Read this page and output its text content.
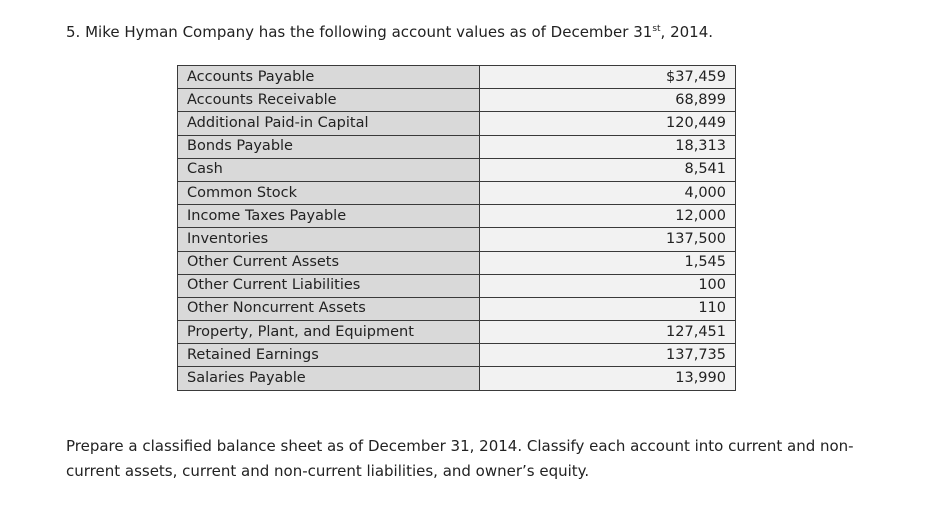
5. Mike Hyman Company has the following account values as of December 31st, 2014.
Accounts Payable	$37,459
Accounts Receivable	68,899
Additional Paid-in Capital	120,449
Bonds Payable	18,313
Cash	8,541
Common Stock	4,000
Income Taxes Payable	12,000
Inventories	137,500
Other Current Assets	1,545
Other Current Liabilities	100
Other Noncurrent Assets	110
Property, Plant, and Equipment	127,451
Retained Earnings	137,735
Salaries Payable	13,990
Prepare a classified balance sheet as of December 31, 2014. Classify each account into current and non-
current assets, current and non-current liabilities, and owner’s equity.
